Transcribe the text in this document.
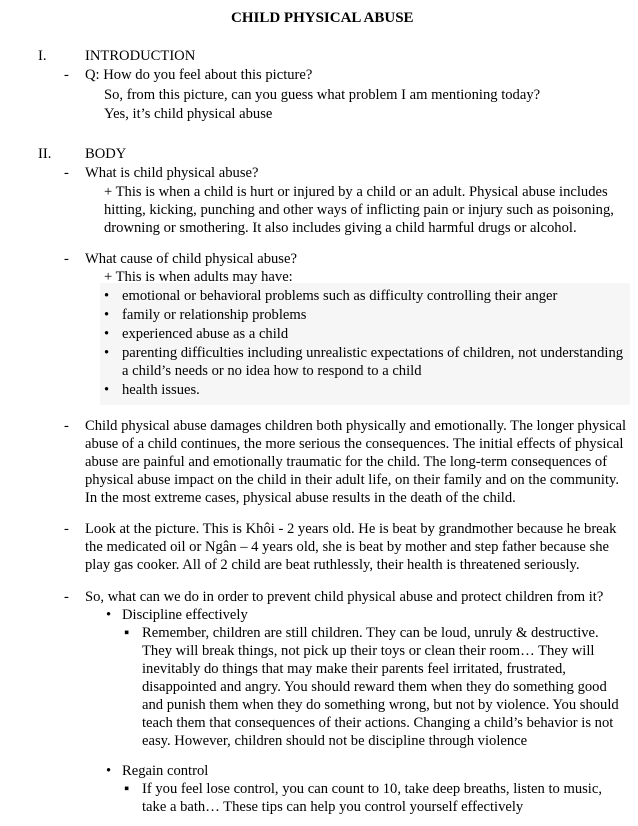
CHILD PHYSICAL ABUSE
I.	INTRODUCTION
- Q: How do you feel about this picture?
So, from this picture, can you guess what problem I am mentioning today?
Yes, it’s child physical abuse
II. BODY
- What is child physical abuse?
+ This is when a child is hurt or injured by a child or an adult. Physical abuse includes
hitting, kicking, punching and other ways of inflicting pain or injury such as poisoning,
drowning or smothering. It also includes giving a child harmful drugs or alcohol.
- What cause of child physical abuse?
+ This is when adults may have:
• emotional or behavioral problems such as difficulty controlling their anger
• family or relationship problems
• experienced abuse as a child
• parenting difficulties including unrealistic expectations of children, not understanding
a child’s needs or no idea how to respond to a child
• health issues.
- Child physical abuse damages children both physically and emotionally. The longer physical
abuse of a child continues, the more serious the consequences. The initial effects of physical
abuse are painful and emotionally traumatic for the child. The long-term consequences of
physical abuse impact on the child in their adult life, on their family and on the community.
In the most extreme cases, physical abuse results in the death of the child.
- Look at the picture. This is Khôi - 2 years old. He is beat by grandmother because he break
the medicated oil or Ngân – 4 years old, she is beat by mother and step father because she
play gas cooker. All of 2 child are beat ruthlessly, their health is threatened seriously.
- So, what can we do in order to prevent child physical abuse and protect children from it?
• Discipline effectively
▪ Remember, children are still children. They can be loud, unruly & destructive.
They will break things, not pick up their toys or clean their room… They will
inevitably do things that may make their parents feel irritated, frustrated,
disappointed and angry. You should reward them when they do something good
and punish them when they do something wrong, but not by violence. You should
teach them that consequences of their actions. Changing a child’s behavior is not
easy. However, children should not be discipline through violence
• Regain control
▪ If you feel lose control, you can count to 10, take deep breaths, listen to music,
take a bath… These tips can help you control yourself effectively
